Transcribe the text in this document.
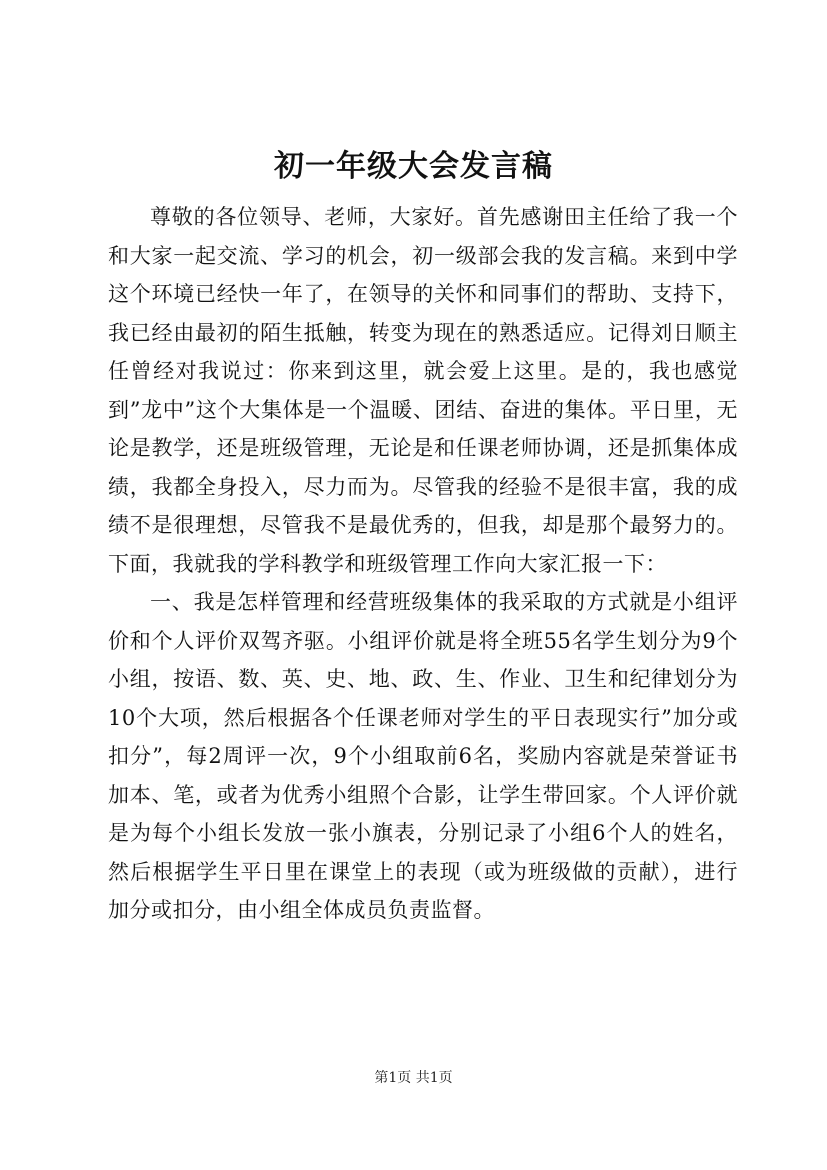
初一年级大会发言稿

尊敬的各位领导、老师，大家好。首先感谢田主任给了我一个和大家一起交流、学习的机会，初一级部会我的发言稿。来到中学这个环境已经快一年了，在领导的关怀和同事们的帮助、支持下，我已经由最初的陌生抵触，转变为现在的熟悉适应。记得刘日顺主任曾经对我说过：你来到这里，就会爱上这里。是的，我也感觉到”龙中”这个大集体是一个温暖、团结、奋进的集体。平日里，无论是教学，还是班级管理，无论是和任课老师协调，还是抓集体成绩，我都全身投入，尽力而为。尽管我的经验不是很丰富，我的成绩不是很理想，尽管我不是最优秀的，但我，却是那个最努力的。下面，我就我的学科教学和班级管理工作向大家汇报一下：

一、我是怎样管理和经营班级集体的我采取的方式就是小组评价和个人评价双驾齐驱。小组评价就是将全班55名学生划分为9个小组，按语、数、英、史、地、政、生、作业、卫生和纪律划分为10个大项，然后根据各个任课老师对学生的平日表现实行”加分或扣分”，每2周评一次，9个小组取前6名，奖励内容就是荣誉证书加本、笔，或者为优秀小组照个合影，让学生带回家。个人评价就是为每个小组长发放一张小旗表，分别记录了小组6个人的姓名，然后根据学生平日里在课堂上的表现（或为班级做的贡献），进行加分或扣分，由小组全体成员负责监督。

第1页 共1页
